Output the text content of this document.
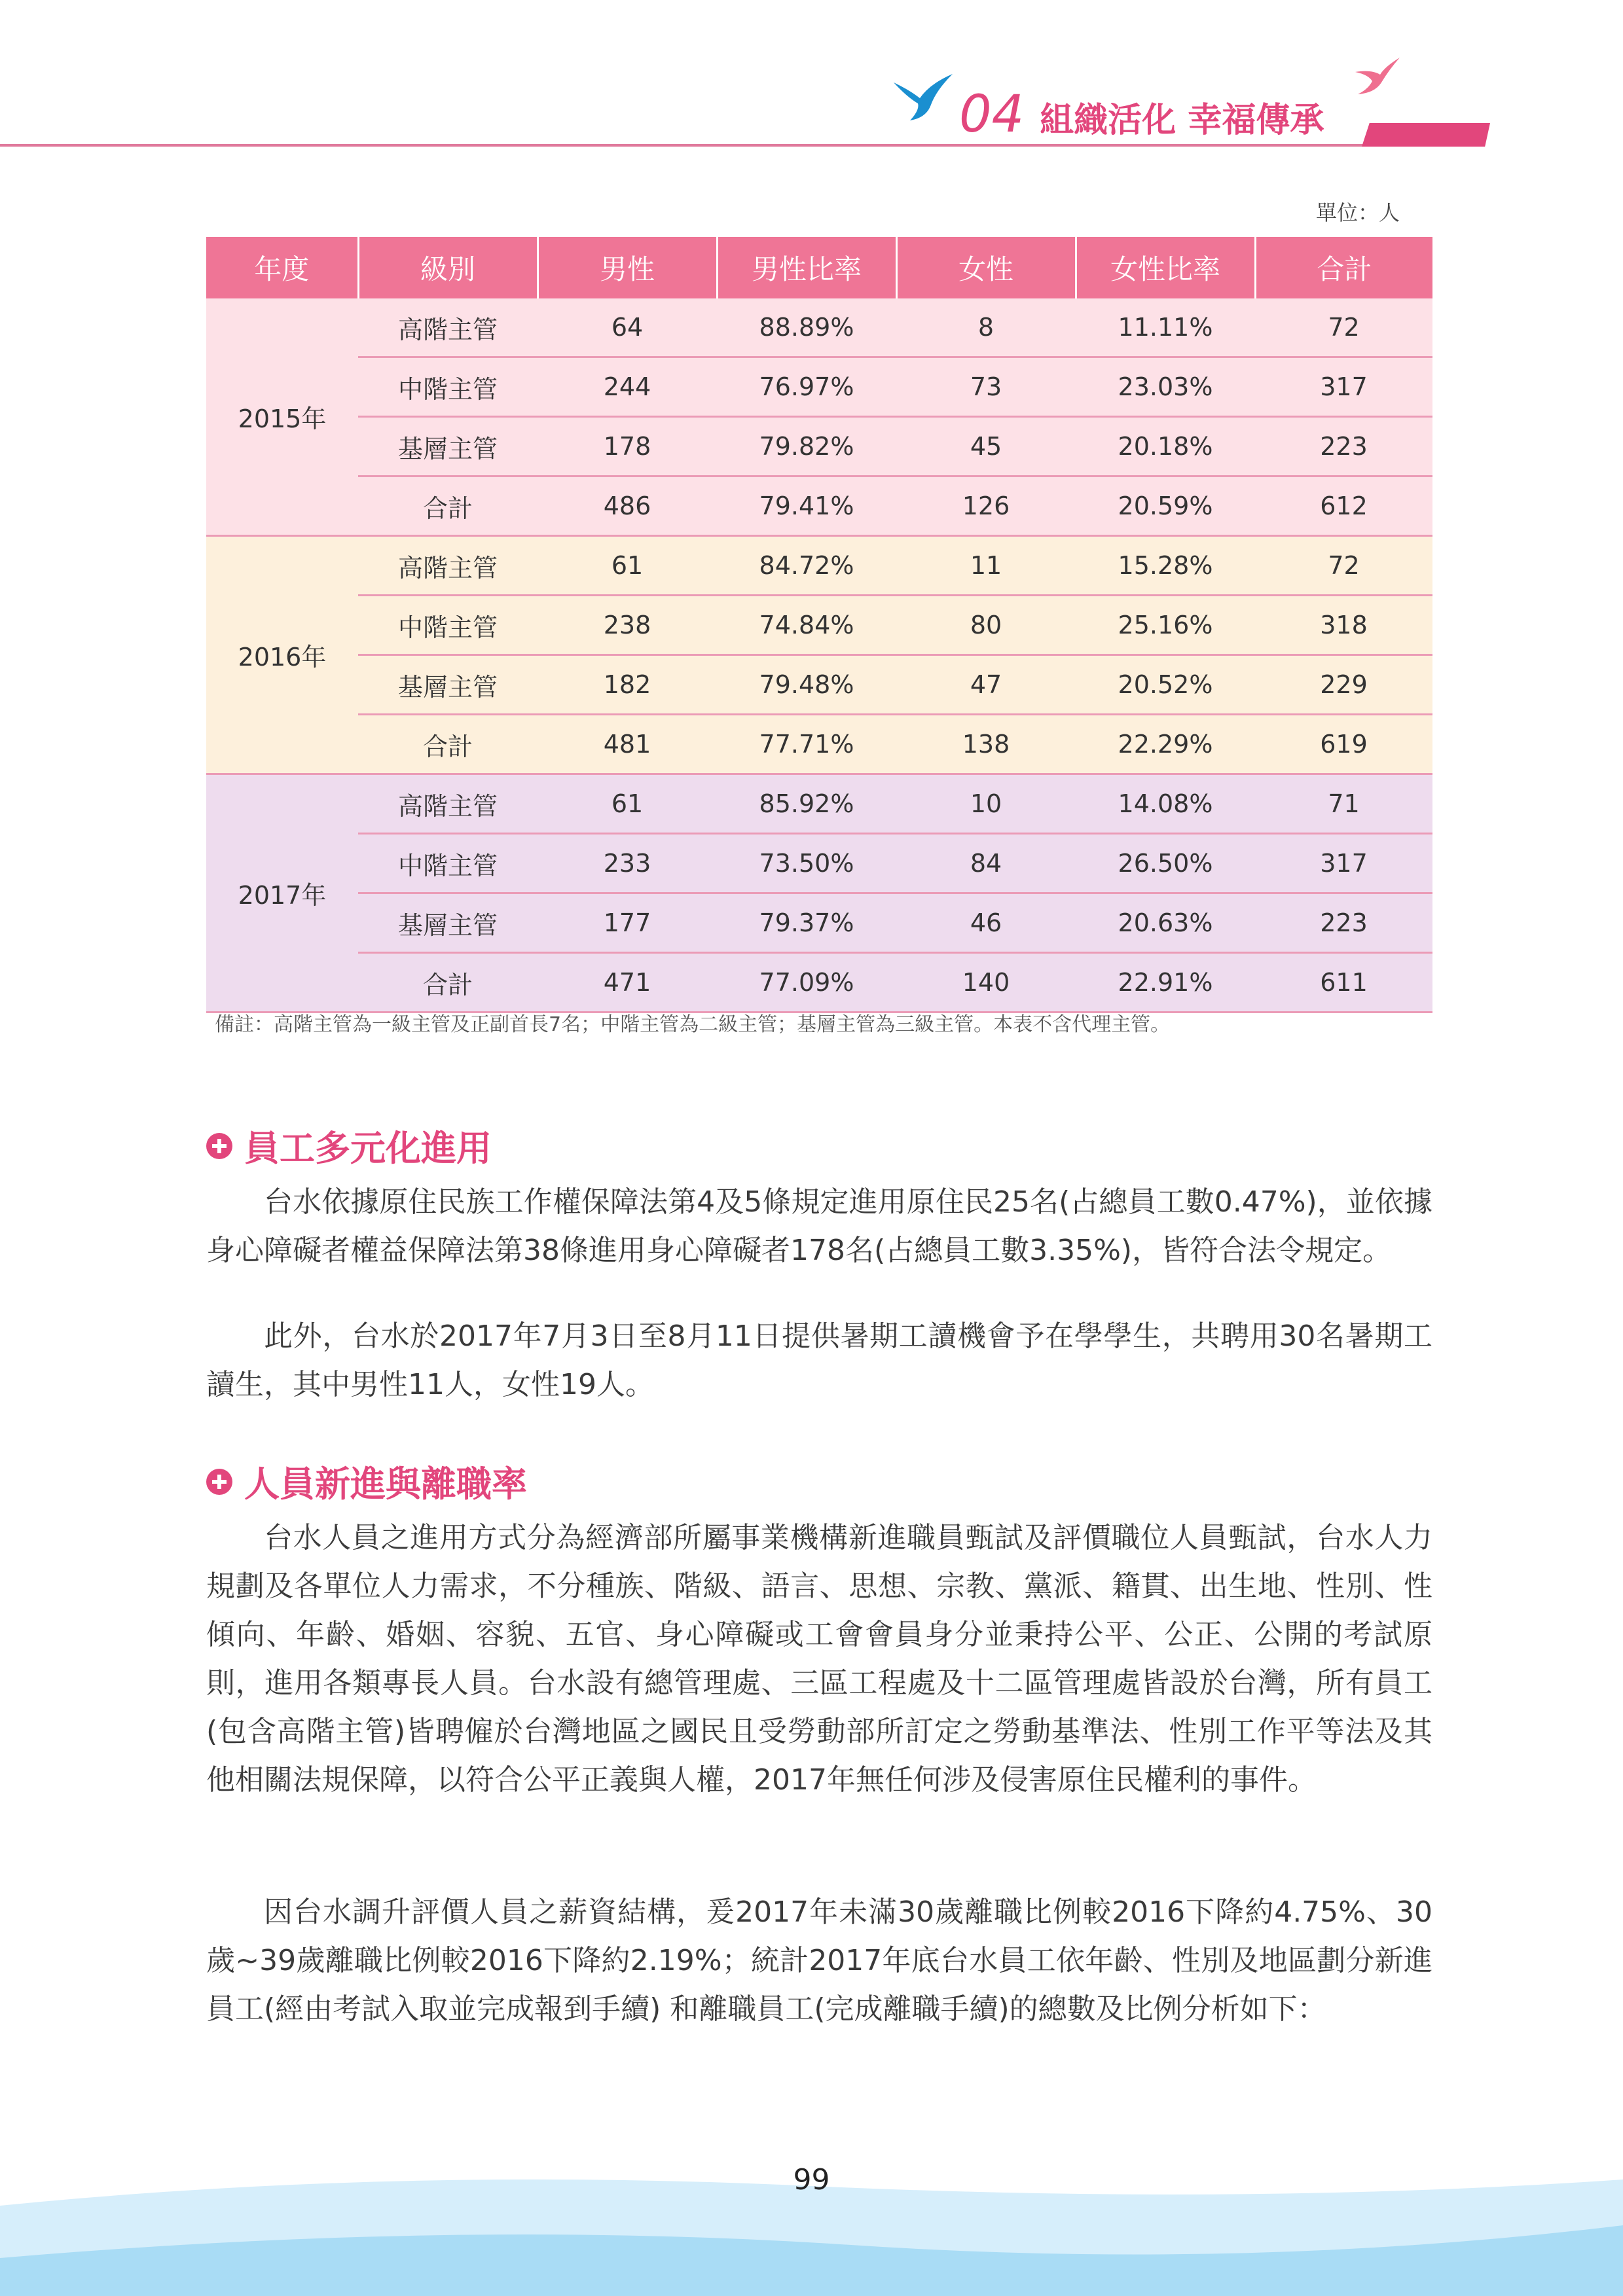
04 組織活化 幸福傳承
單位：人
年度	級別	男性	男性比率	女性	女性比率	合計
2015年	高階主管	64	88.89%	8	11.11%	72
	中階主管	244	76.97%	73	23.03%	317
	基層主管	178	79.82%	45	20.18%	223
	合計	486	79.41%	126	20.59%	612
2016年	高階主管	61	84.72%	11	15.28%	72
	中階主管	238	74.84%	80	25.16%	318
	基層主管	182	79.48%	47	20.52%	229
	合計	481	77.71%	138	22.29%	619
2017年	高階主管	61	85.92%	10	14.08%	71
	中階主管	233	73.50%	84	26.50%	317
	基層主管	177	79.37%	46	20.63%	223
	合計	471	77.09%	140	22.91%	611
備註：高階主管為一級主管及正副首長7名；中階主管為二級主管；基層主管為三級主管。本表不含代理主管。
員工多元化進用

台水依據原住民族工作權保障法第4及5條規定進用原住民25名(占總員工數0.47%)，並依據身心障礙者權益保障法第38條進用身心障礙者178名(占總員工數3.35%)，皆符合法令規定。

此外，台水於2017年7月3日至8月11日提供暑期工讀機會予在學學生，共聘用30名暑期工讀生，其中男性11人，女性19人。

人員新進與離職率

台水人員之進用方式分為經濟部所屬事業機構新進職員甄試及評價職位人員甄試，台水人力規劃及各單位人力需求，不分種族、階級、語言、思想、宗教、黨派、籍貫、出生地、性別、性傾向、年齡、婚姻、容貌、五官、身心障礙或工會會員身分並秉持公平、公正、公開的考試原則，進用各類專長人員。台水設有總管理處、三區工程處及十二區管理處皆設於台灣，所有員工(包含高階主管)皆聘僱於台灣地區之國民且受勞動部所訂定之勞動基準法、性別工作平等法及其他相關法規保障，以符合公平正義與人權，2017年無任何涉及侵害原住民權利的事件。

因台水調升評價人員之薪資結構，爰2017年未滿30歲離職比例較2016下降約4.75%、30歲~39歲離職比例較2016下降約2.19%；統計2017年底台水員工依年齡、性別及地區劃分新進員工(經由考試入取並完成報到手續) 和離職員工(完成離職手續)的總數及比例分析如下：

99
